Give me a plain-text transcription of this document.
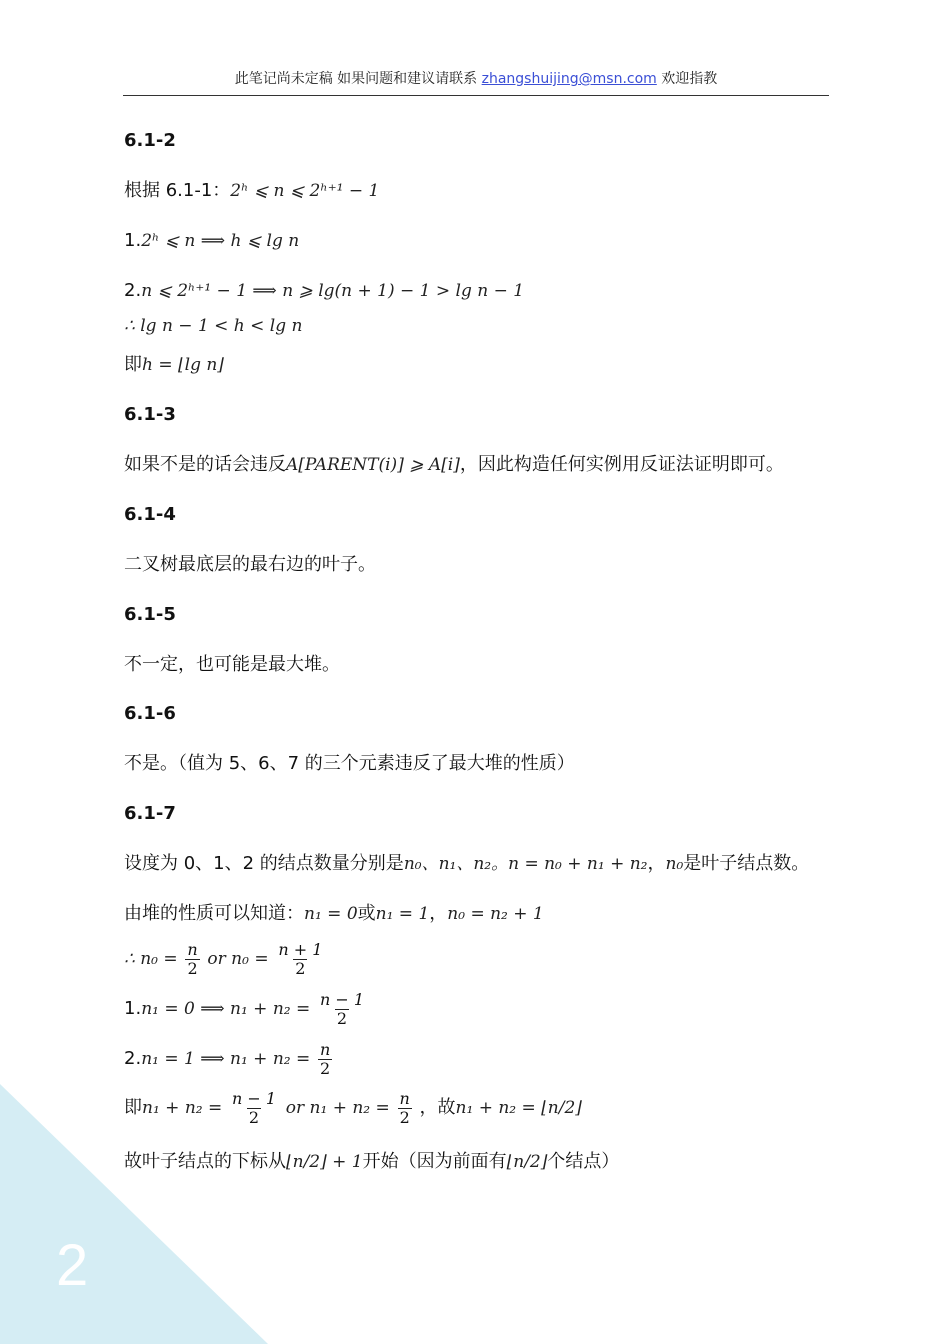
2
此笔记尚未定稿 如果问题和建议请联系 zhangshuijing@msn.com 欢迎指教
6.1-2
根据 6.1-1：2ʰ ⩽ n ⩽ 2ʰ⁺¹ − 1
1.2ʰ ⩽ n ⟹ h ⩽ lg n
2.n ⩽ 2ʰ⁺¹ − 1 ⟹ n ⩾ lg(n + 1) − 1 > lg n − 1
∴ lg n − 1 < h < lg n
即h = ⌊lg n⌋
6.1-3
如果不是的话会违反A[PARENT(i)] ⩾ A[i]，因此构造任何实例用反证法证明即可。
6.1-4
二叉树最底层的最右边的叶子。
6.1-5
不一定，也可能是最大堆。
6.1-6
不是。（值为 5、6、7 的三个元素违反了最大堆的性质）
6.1-7
设度为 0、1、2 的结点数量分别是n₀、n₁、n₂。n = n₀ + n₁ + n₂，n₀是叶子结点数。
由堆的性质可以知道：n₁ = 0或n₁ = 1，n₀ = n₂ + 1
∴ $n_0 = \frac{n}{2}$ or $n_0 = \frac{n + 1}{2}$
1.n₁ = 0 ⟹ $n_1 + n_2 = \frac{n - 1}{2}$
2.n₁ = 1 ⟹ $n_1 + n_2 = \frac{n}{2}$
即$n_1 + n_2 = \frac{n - 1}{2}$ or $n_1 + n_2 = \frac{n}{2}$ ，故n₁ + n₂ = ⌊n/2⌋
故叶子结点的下标从⌊n/2⌋ + 1开始（因为前面有⌊n/2⌋个结点）
